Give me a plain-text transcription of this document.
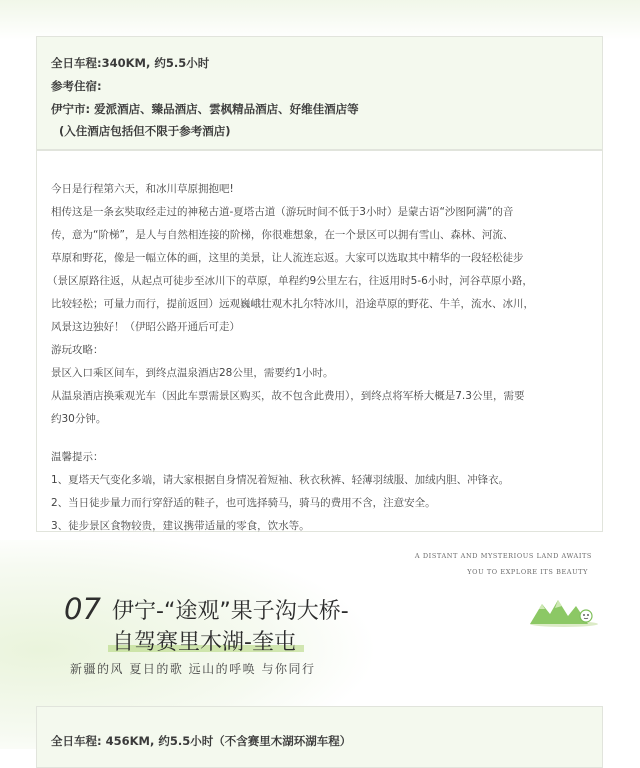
全日车程:340KM, 约5.5小时
参考住宿:
伊宁市: 爱派酒店、臻品酒店、雲枫精品酒店、好维佳酒店等
(入住酒店包括但不限于参考酒店)
今日是行程第六天，和冰川草原拥抱吧!
相传这是一条玄奘取经走过的神秘古道-夏塔古道（游玩时间不低于3小时）是蒙古语“沙图阿满”的音
传，意为“阶梯”，是人与自然相连接的阶梯，你很难想象，在一个景区可以拥有雪山、森林、河流、
草原和野花，像是一幅立体的画，这里的美景，让人流连忘返。大家可以选取其中精华的一段轻松徒步
（景区原路往返，从起点可徒步至冰川下的草原，单程约9公里左右，往返用时5-6小时，河谷草原小路，
比较轻松；可量力而行，提前返回）远观巍峨壮观木扎尔特冰川，沿途草原的野花、牛羊，流水、冰川，
风景这边独好！（伊昭公路开通后可走）
游玩攻略：
景区入口乘区间车，到终点温泉酒店28公里，需要约1小时。
从温泉酒店换乘观光车（因此车票需景区购买，故不包含此费用），到终点将军桥大概是7.3公里，需要
约30分钟。
温馨提示：
1、夏塔天气变化多端，请大家根据自身情况着短袖、秋衣秋裤、轻薄羽绒服、加绒内胆、冲锋衣。
2、当日徒步量力而行穿舒适的鞋子，也可选择骑马，骑马的费用不含，注意安全。
3、徒步景区食物较贵，建议携带适量的零食，饮水等。
A DISTANT AND MYSTERIOUS LAND AWAITS
YOU TO EXPLORE ITS BEAUTY
07 伊宁-“途观”果子沟大桥-
自驾赛里木湖-奎屯
新疆的风 夏日的歌 远山的呼唤 与你同行
全日车程: 456KM, 约5.5小时（不含赛里木湖环湖车程）
